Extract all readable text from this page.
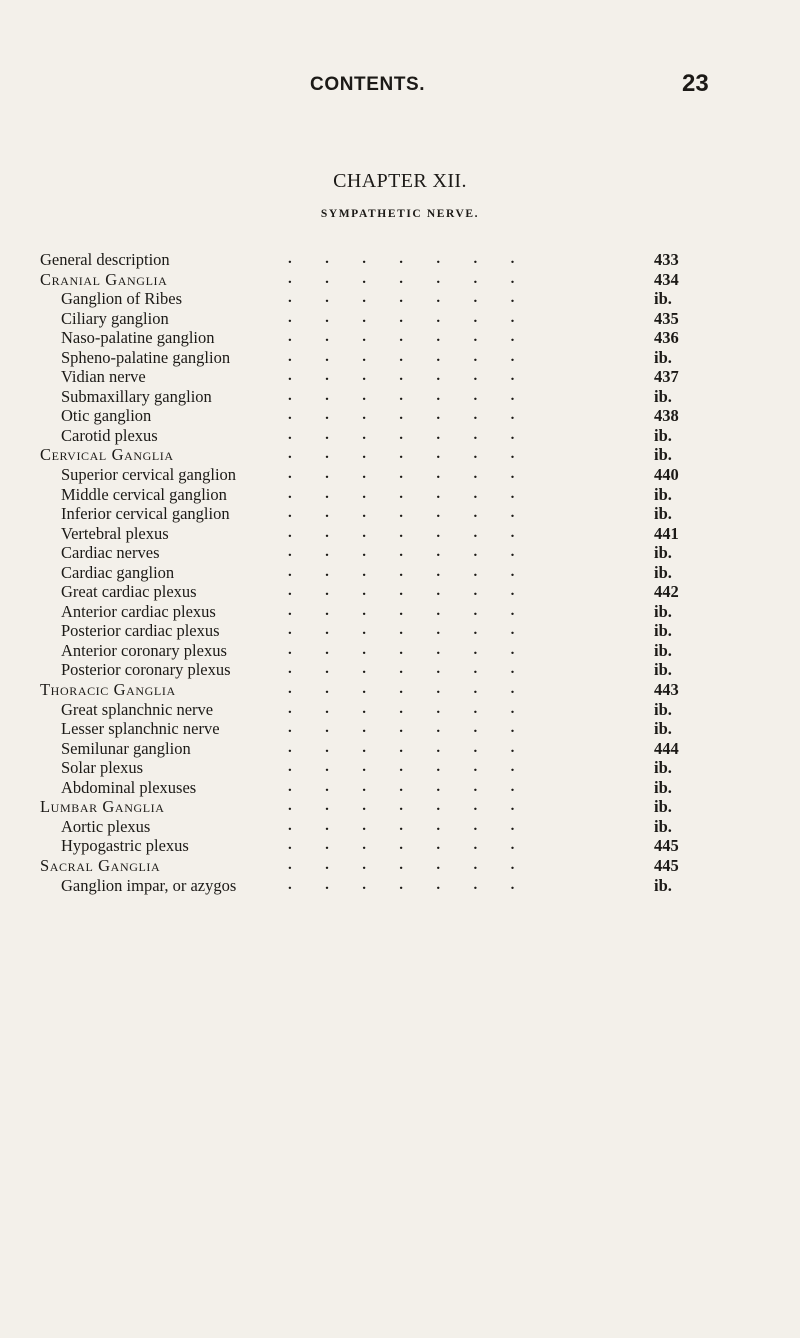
CONTENTS.	23
CHAPTER XII.
SYMPATHETIC NERVE.
General description	. . . . . . .	433
Cranial Ganglia	. . . . . . .	434
Ganglion of Ribes	. . . . . . .	ib.
Ciliary ganglion	. . . . . . .	435
Naso-palatine ganglion	. . . . . . .	436
Spheno-palatine ganglion	. . . . . . .	ib.
Vidian nerve	. . . . . . .	437
Submaxillary ganglion	. . . . . . .	ib.
Otic ganglion	. . . . . . .	438
Carotid plexus	. . . . . . .	ib.
Cervical Ganglia	. . . . . . .	ib.
Superior cervical ganglion	. . . . . . .	440
Middle cervical ganglion	. . . . . . .	ib.
Inferior cervical ganglion	. . . . . . .	ib.
Vertebral plexus	. . . . . . .	441
Cardiac nerves	. . . . . . .	ib.
Cardiac ganglion	. . . . . . .	ib.
Great cardiac plexus	. . . . . . .	442
Anterior cardiac plexus	. . . . . . .	ib.
Posterior cardiac plexus	. . . . . . .	ib.
Anterior coronary plexus	. . . . . . .	ib.
Posterior coronary plexus	. . . . . . .	ib.
Thoracic Ganglia	. . . . . . .	443
Great splanchnic nerve	. . . . . . .	ib.
Lesser splanchnic nerve	. . . . . . .	ib.
Semilunar ganglion	. . . . . . .	444
Solar plexus	. . . . . . .	ib.
Abdominal plexuses	. . . . . . .	ib.
Lumbar Ganglia	. . . . . . .	ib.
Aortic plexus	. . . . . . .	ib.
Hypogastric plexus	. . . . . . .	445
Sacral Ganglia	. . . . . . .	445
Ganglion impar, or azygos	. . . . . . .	ib.
